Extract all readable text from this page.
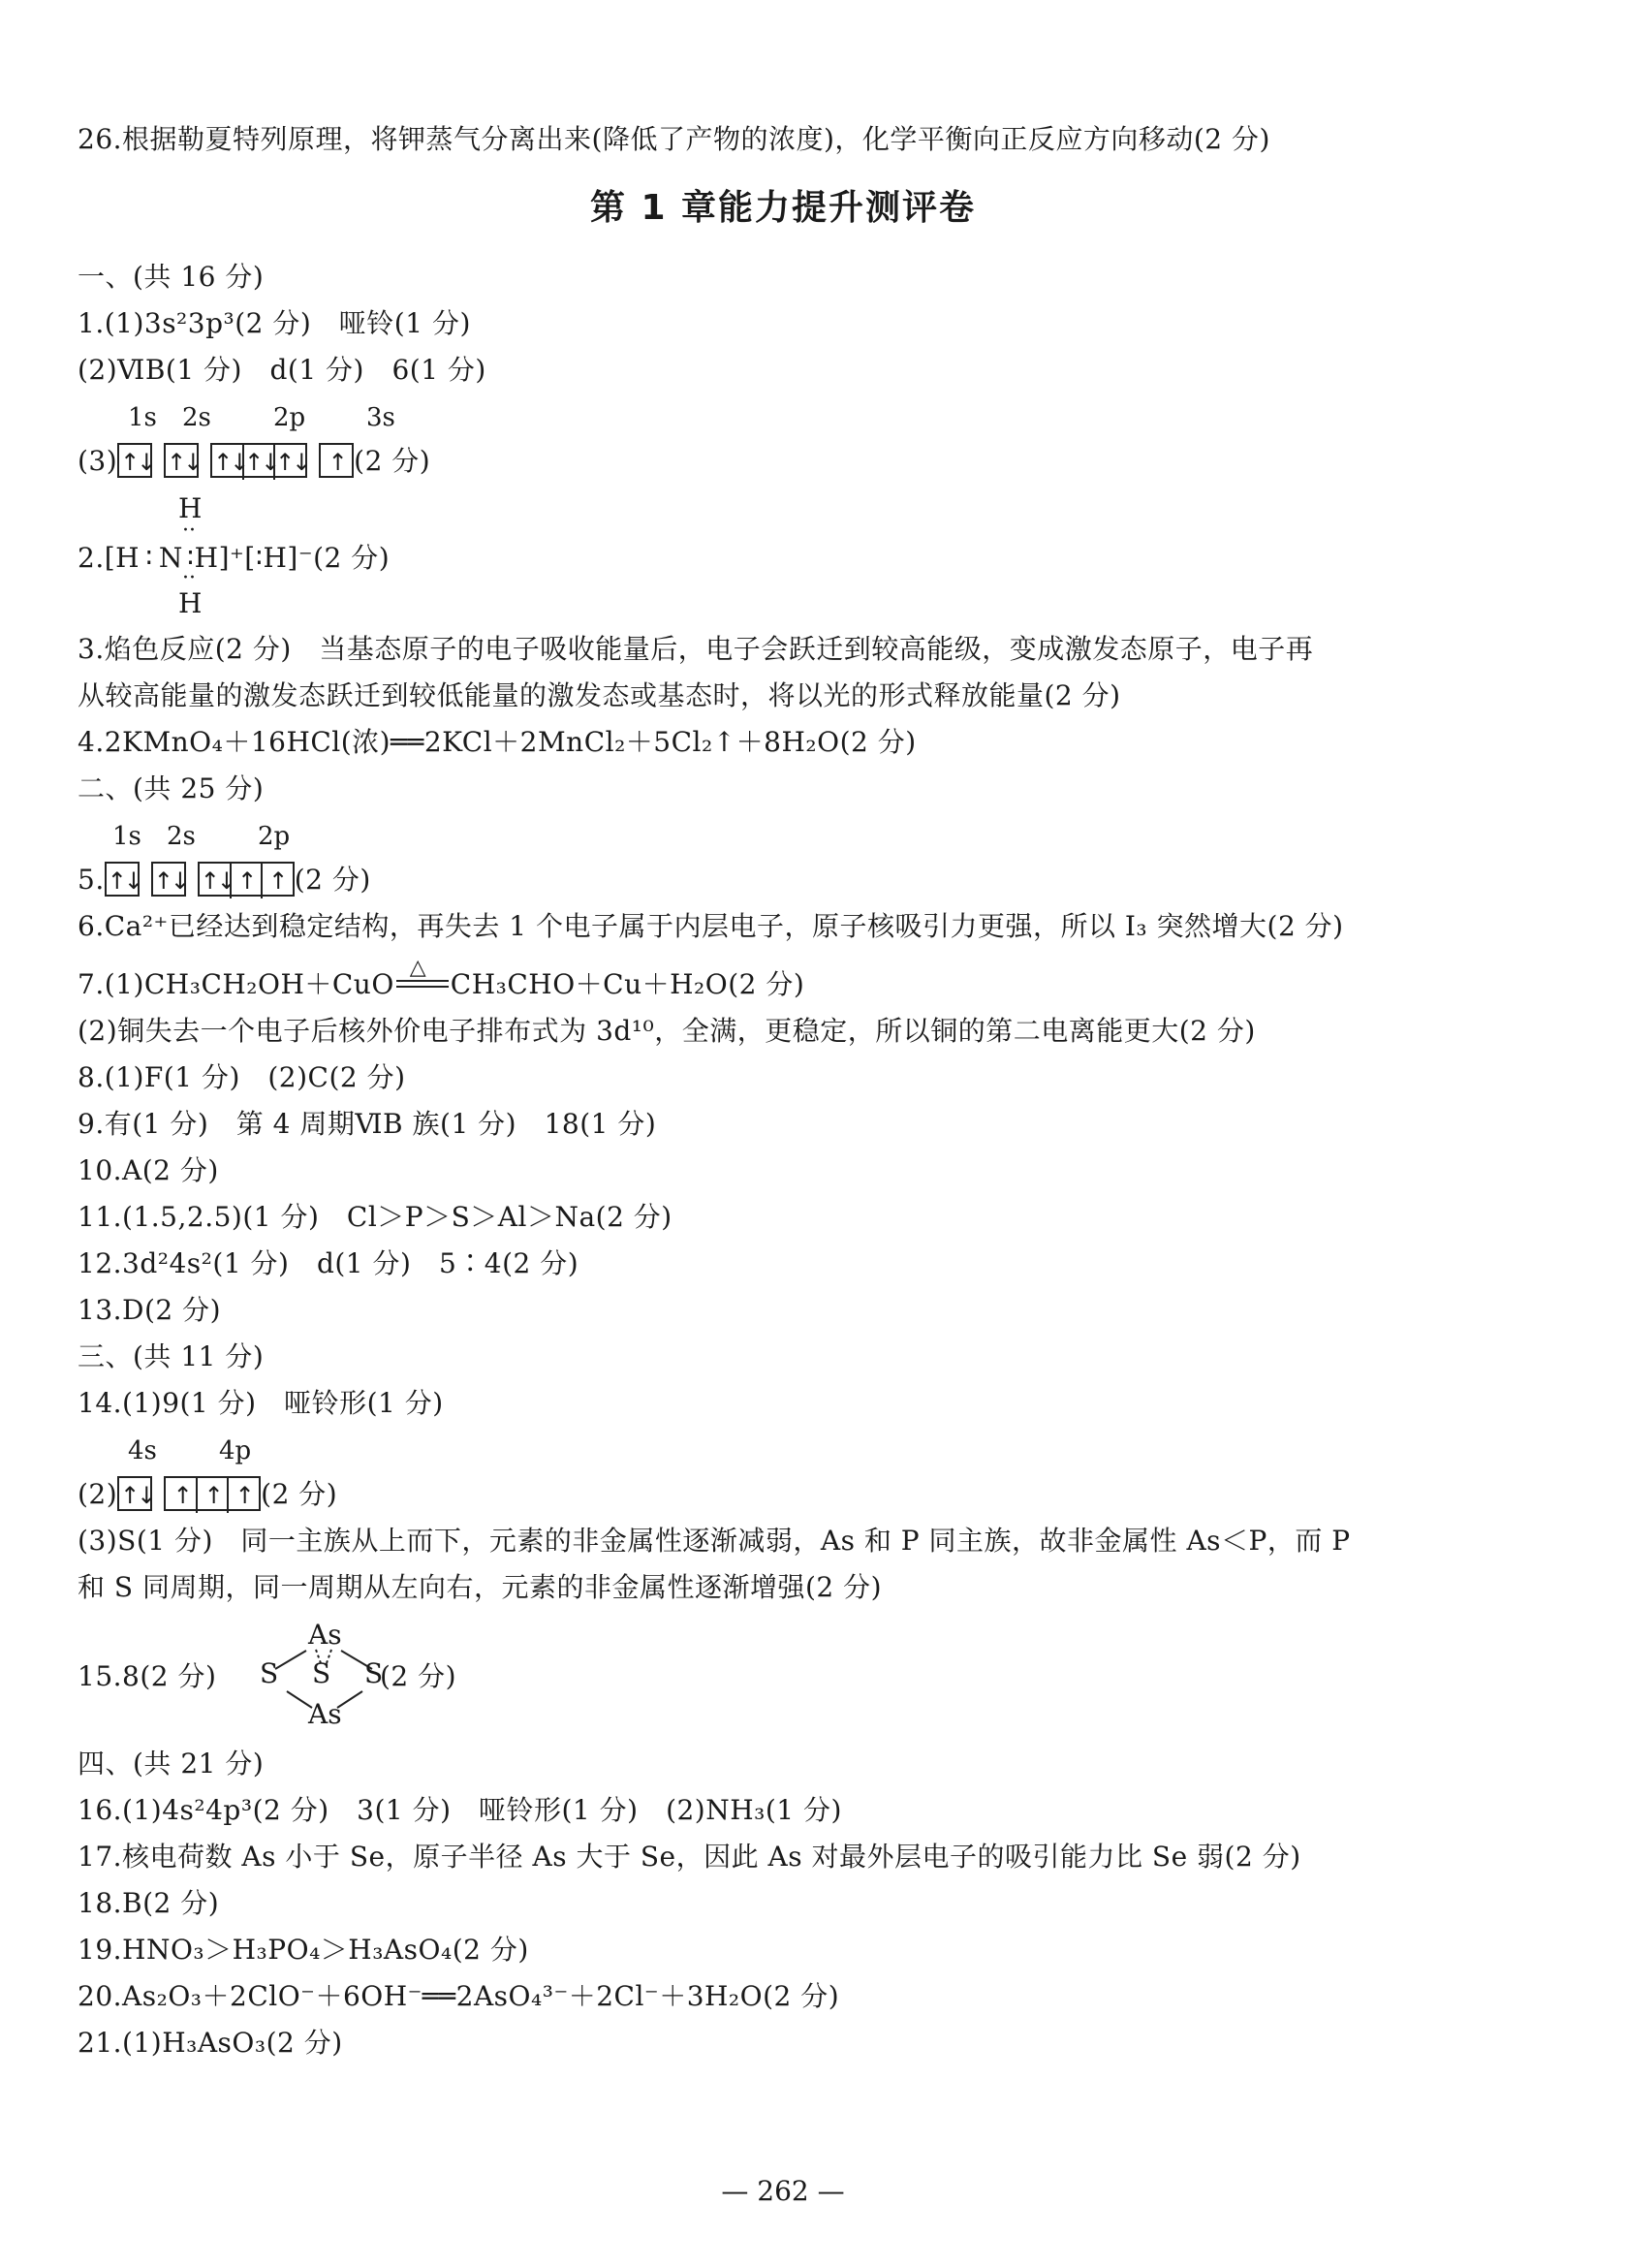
26.根据勒夏特列原理，将钾蒸气分离出来(降低了产物的浓度)，化学平衡向正反应方向移动(2 分)
第 1 章能力提升测评卷
一、(共 16 分)
1.(1)3s²3p³(2 分)　哑铃(1 分)
(2)ⅥB(1 分)　d(1 分)　6(1 分)
1s 2s 2p 3s
(3) ↑↓ ↑↓ ↑↓↑↓↑↓ ↑ (2 分)
H
··
2.[H ∶ N ∶H]⁺[∶H]⁻(2 分)
··
H
3.焰色反应(2 分)　当基态原子的电子吸收能量后，电子会跃迁到较高能级，变成激发态原子，电子再
从较高能量的激发态跃迁到较低能量的激发态或基态时，将以光的形式释放能量(2 分)
4.2KMnO₄＋16HCl(浓)══2KCl＋2MnCl₂＋5Cl₂↑＋8H₂O(2 分)
二、(共 25 分)
1s 2s 2p
5. ↑↓ ↑↓ ↑↓ ↑ ↑ (2 分)
6.Ca²⁺已经达到稳定结构，再失去 1 个电子属于内层电子，原子核吸引力更强，所以 I₃ 突然增大(2 分)
7.(1)CH₃CH₂OH＋CuO
△
CH₃CHO＋Cu＋H₂O(2 分)
(2)铜失去一个电子后核外价电子排布式为 3d¹⁰，全满，更稳定，所以铜的第二电离能更大(2 分)
8.(1)F(1 分)　(2)C(2 分)
9.有(1 分)　第 4 周期ⅥB 族(1 分)　18(1 分)
10.A(2 分)
11.(1.5,2.5)(1 分)　Cl＞P＞S＞Al＞Na(2 分)
12.3d²4s²(1 分)　d(1 分)　5∶4(2 分)
13.D(2 分)
三、(共 11 分)
14.(1)9(1 分)　哑铃形(1 分)
4s 4p
(2) ↑↓ ↑ ↑ ↑ (2 分)
(3)S(1 分)　同一主族从上而下，元素的非金属性逐渐减弱，As 和 P 同主族，故非金属性 As＜P，而 P
和 S 同周期，同一周期从左向右，元素的非金属性逐渐增强(2 分)
15.8(2 分)
As
S S S
(2 分)
As
四、(共 21 分)
16.(1)4s²4p³(2 分)　3(1 分)　哑铃形(1 分)　(2)NH₃(1 分)
17.核电荷数 As 小于 Se，原子半径 As 大于 Se，因此 As 对最外层电子的吸引能力比 Se 弱(2 分)
18.B(2 分)
19.HNO₃＞H₃PO₄＞H₃AsO₄(2 分)
20.As₂O₃＋2ClO⁻＋6OH⁻══2AsO₄³⁻＋2Cl⁻＋3H₂O(2 分)
21.(1)H₃AsO₃(2 分)
— 262 —
